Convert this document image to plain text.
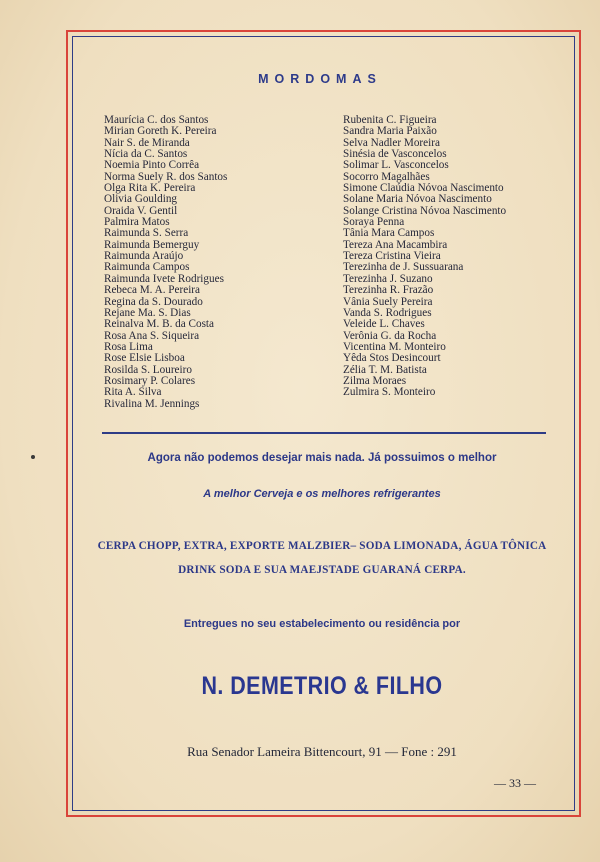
MORDOMAS
Maurícia C. dos Santos
Mirian Goreth K. Pereira
Nair S. de Miranda
Nícia da C. Santos
Noemia Pinto Corrêa
Norma Suely R. dos Santos
Olga Rita K. Pereira
Olivia Goulding
Oraida V. Gentil
Palmira Matos
Raimunda S. Serra
Raimunda Bemerguy
Raimunda Araújo
Raimunda Campos
Raimunda Ivete Rodrigues
Rebeca M. A. Pereira
Regina da S. Dourado
Rejane Ma. S. Dias
Reinalva M. B. da Costa
Rosa Ana S. Siqueira
Rosa Lima
Rose Elsie Lisboa
Rosilda S. Loureiro
Rosimary P. Colares
Rita A. Silva
Rivalina M. Jennings
Rubenita C. Figueira
Sandra Maria Paixão
Selva Nadler Moreira
Sinésia de Vasconcelos
Solimar L. Vasconcelos
Socorro Magalhães
Simone Claúdia Nóvoa Nascimento
Solane Maria Nóvoa Nascimento
Solange Cristina Nóvoa Nascimento
Soraya Penna
Tânia Mara Campos
Tereza Ana Macambira
Tereza Cristina Vieira
Terezinha de J. Sussuarana
Terezinha J. Suzano
Terezinha R. Frazão
Vânia Suely Pereira
Vanda S. Rodrigues
Veleide L. Chaves
Verônia G. da Rocha
Vicentina M. Monteiro
Yêda Stos Desincourt
Zélia T. M. Batista
Zilma Moraes
Zulmira S. Monteiro
Agora não podemos desejar mais nada. Já possuimos o melhor
A melhor Cerveja e os melhores refrigerantes
CERPA CHOPP, EXTRA, EXPORTE MALZBIER– SODA LIMONADA, ÁGUA TÔNICA
DRINK SODA E SUA MAEJSTADE GUARANÁ CERPA.
Entregues no seu estabelecimento ou residência por
N. DEMETRIO & FILHO
Rua Senador Lameira Bittencourt, 91 — Fone : 291
— 33 —
